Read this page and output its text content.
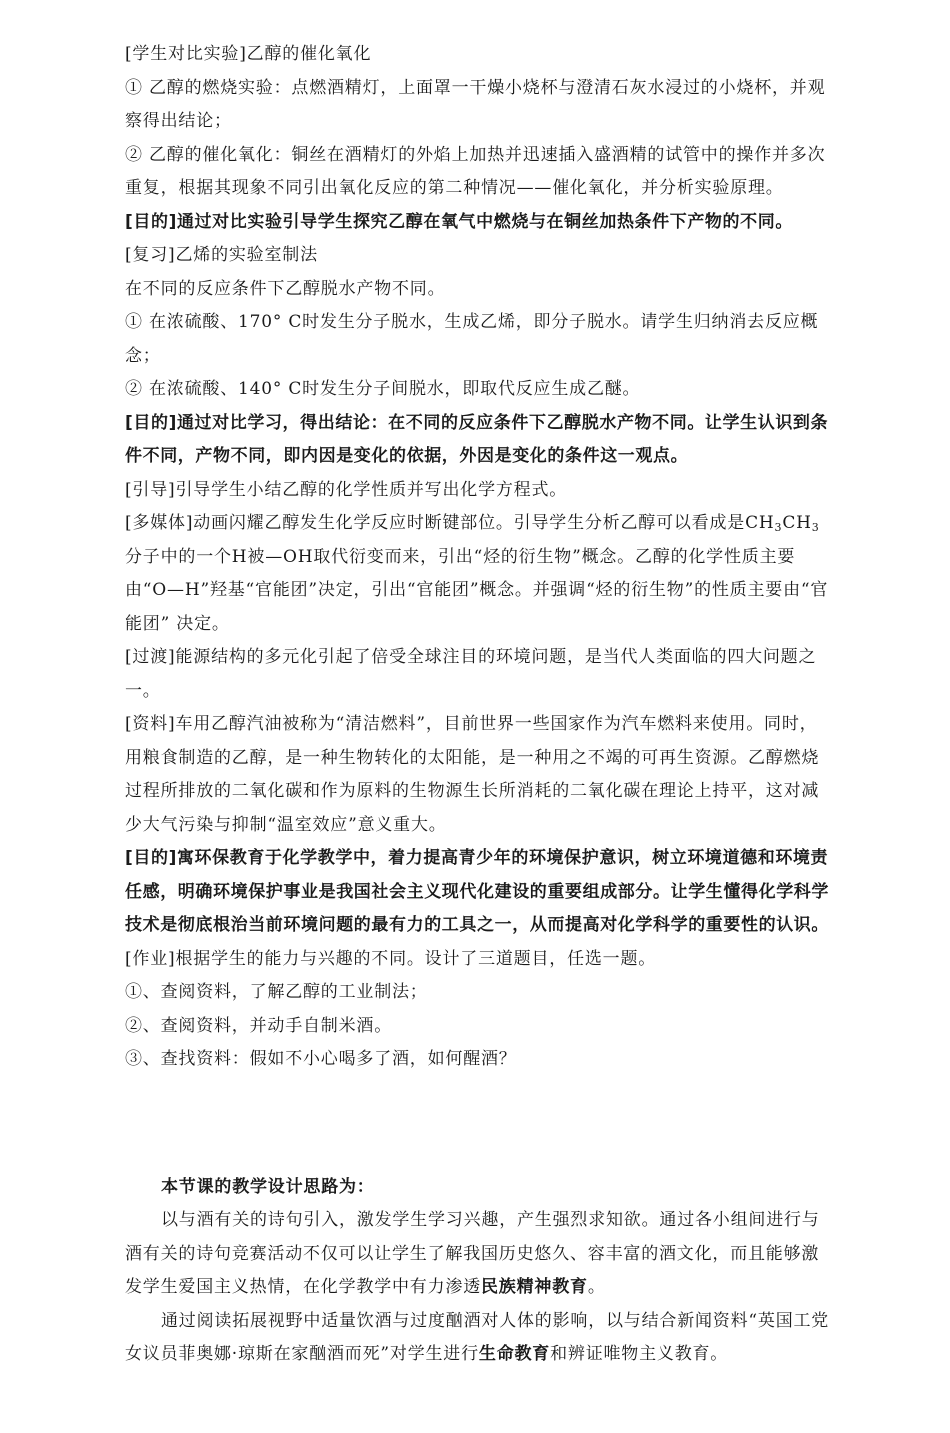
[学生对比实验]乙醇的催化氧化

① 乙醇的燃烧实验：点燃酒精灯，上面罩一干燥小烧杯与澄清石灰水浸过的小烧杯，并观察得出结论；

② 乙醇的催化氧化：铜丝在酒精灯的外焰上加热并迅速插入盛酒精的试管中的操作并多次重复，根据其现象不同引出氧化反应的第二种情况——催化氧化，并分析实验原理。

[目的]通过对比实验引导学生探究乙醇在氧气中燃烧与在铜丝加热条件下产物的不同。

[复习]乙烯的实验室制法

在不同的反应条件下乙醇脱水产物不同。

① 在浓硫酸、170° C时发生分子脱水，生成乙烯，即分子脱水。请学生归纳消去反应概念；

② 在浓硫酸、140° C时发生分子间脱水，即取代反应生成乙醚。

[目的]通过对比学习，得出结论：在不同的反应条件下乙醇脱水产物不同。让学生认识到条件不同，产物不同，即内因是变化的依据，外因是变化的条件这一观点。

[引导]引导学生小结乙醇的化学性质并写出化学方程式。

[多媒体]动画闪耀乙醇发生化学反应时断键部位。引导学生分析乙醇可以看成是$CH_3CH_3$分子中的一个H被—OH取代衍变而来，引出“烃的衍生物”概念。乙醇的化学性质主要由“O—H”羟基“官能团”决定，引出“官能团”概念。并强调“烃的衍生物”的性质主要由“官能团” 决定。

[过渡]能源结构的多元化引起了倍受全球注目的环境问题，是当代人类面临的四大问题之一。

[资料]车用乙醇汽油被称为“清洁燃料”，目前世界一些国家作为汽车燃料来使用。同时，用粮食制造的乙醇，是一种生物转化的太阳能，是一种用之不竭的可再生资源。乙醇燃烧过程所排放的二氧化碳和作为原料的生物源生长所消耗的二氧化碳在理论上持平，这对减少大气污染与抑制“温室效应”意义重大。

[目的]寓环保教育于化学教学中，着力提高青少年的环境保护意识，树立环境道德和环境责任感，明确环境保护事业是我国社会主义现代化建设的重要组成部分。让学生懂得化学科学技术是彻底根治当前环境问题的最有力的工具之一，从而提高对化学科学的重要性的认识。

[作业]根据学生的能力与兴趣的不同。设计了三道题目，任选一题。

①、查阅资料，了解乙醇的工业制法；

②、查阅资料，并动手自制米酒。

③、查找资料：假如不小心喝多了酒，如何醒酒？

本节课的教学设计思路为：

以与酒有关的诗句引入，激发学生学习兴趣，产生强烈求知欲。通过各小组间进行与酒有关的诗句竞赛活动不仅可以让学生了解我国历史悠久、容丰富的酒文化，而且能够激发学生爱国主义热情，在化学教学中有力渗透民族精神教育。

通过阅读拓展视野中适量饮酒与过度酗酒对人体的影响，以与结合新闻资料“英国工党女议员菲奥娜·琼斯在家酗酒而死”对学生进行生命教育和辨证唯物主义教育。
